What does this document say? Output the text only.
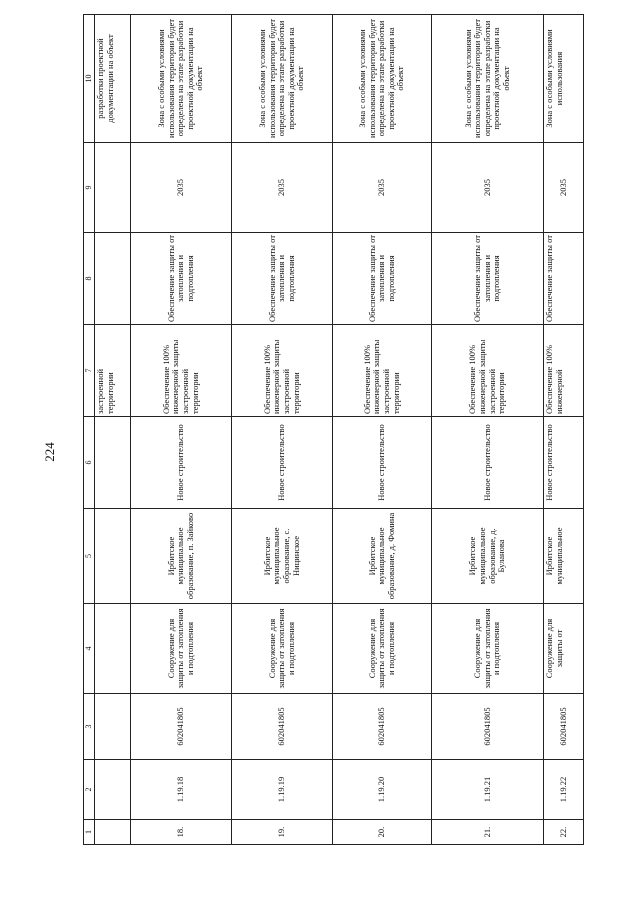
224
1	2	3	4	5	6	7	8	9	10
						застроенной территории			разработки проектной документации на объект
18.	1.19.18	602041805	Сооружение для защиты от затопления и подтопления	Ирбитское муниципальное образование, п. Зайково	Новое строительство	Обеспечение 100% инженерной защиты застроенной территории	Обеспечение защиты от затопления и подтопления	2035	Зона с особыми условиями использования территории будет определена на этапе разработки проектной документации на объект
19.	1.19.19	602041805	Сооружение для защиты от затопления и подтопления	Ирбитское муниципальное образование, с. Ницинское	Новое строительство	Обеспечение 100% инженерной защиты застроенной территории	Обеспечение защиты от затопления и подтопления	2035	Зона с особыми условиями использования территории будет определена на этапе разработки проектной документации на объект
20.	1.19.20	602041805	Сооружение для защиты от затопления и подтопления	Ирбитское муниципальное образование, д. Фомина	Новое строительство	Обеспечение 100% инженерной защиты застроенной территории	Обеспечение защиты от затопления и подтопления	2035	Зона с особыми условиями использования территории будет определена на этапе разработки проектной документации на объект
21.	1.19.21	602041805	Сооружение для защиты от затопления и подтопления	Ирбитское муниципальное образование, д. Буланова	Новое строительство	Обеспечение 100% инженерной защиты застроенной территории	Обеспечение защиты от затопления и подтопления	2035	Зона с особыми условиями использования территории будет определена на этапе разработки проектной документации на объект
22.	1.19.22	602041805	Сооружение для защиты от	Ирбитское муниципальное	Новое строительство	Обеспечение 100% инженерной	Обеспечение защиты от	2035	Зона с особыми условиями использования
